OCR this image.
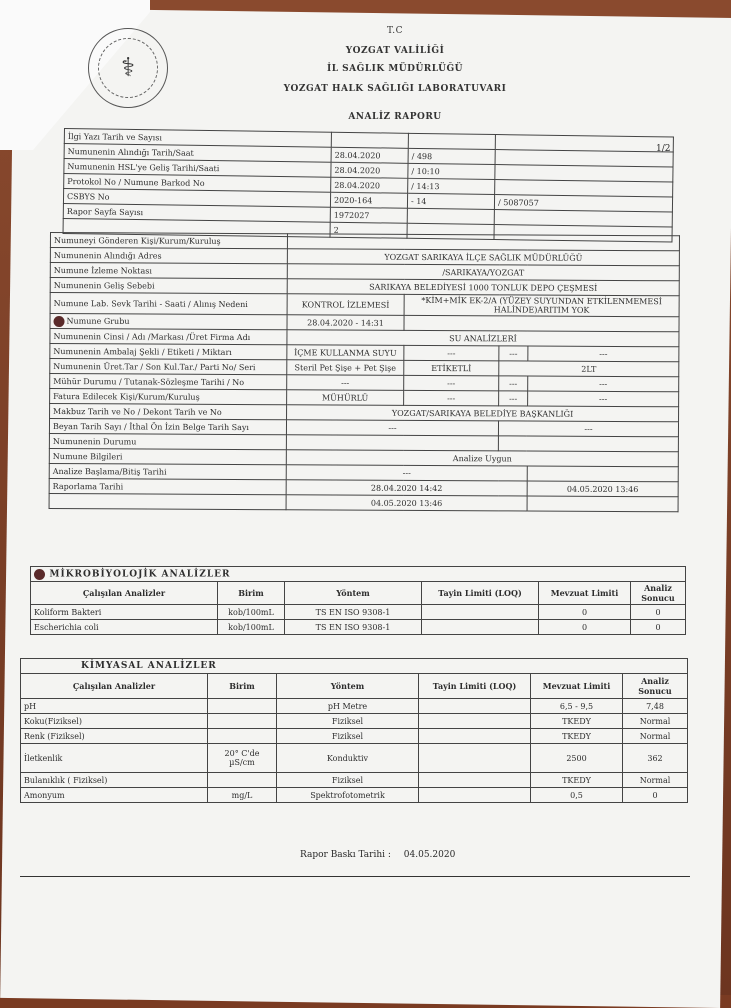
⚕
T.C
YOZGAT VALİLİĞİ
İL SAĞLIK MÜDÜRLÜĞÜ
YOZGAT HALK SAĞLIĞI LABORATUVARI
ANALİZ RAPORU
1/2
İlgi Yazı Tarih ve Sayısı			
Numunenin Alındığı Tarih/Saat	28.04.2020	/ 498	
Numunenin HSL'ye Geliş Tarihi/Saati	28.04.2020	/ 10:10	
Protokol No / Numune Barkod No	28.04.2020	/ 14:13	
CSBYS No	2020-164	- 14	/ 5087057
Rapor Sayfa Sayısı	1972027		
	2		
Numuneyi Gönderen Kişi/Kurum/Kuruluş				
Numunenin Alındığı Adres	YOZGAT SARIKAYA İLÇE SAĞLIK MÜDÜRLÜĞÜ			
Numune İzleme Noktası	/SARIKAYA/YOZGAT			
Numunenin Geliş Sebebi	SARIKAYA BELEDİYESİ 1000 TONLUK DEPO ÇEŞMESİ			
Numune Lab. Sevk Tarihi - Saati / Alınış Nedeni	KONTROL İZLEMESİ	*KİM+MİK EK-2/A (YÜZEY SUYUNDAN ETKİLENMEMESİ HALİNDE)ARITIM YOK		
Numune Grubu	28.04.2020 - 14:31			
Numunenin Cinsi / Adı /Markası /Üret Firma Adı	SU ANALİZLERİ			
Numunenin Ambalaj Şekli / Etiketi / Miktarı	İÇME KULLANMA SUYU	---	---	---
Numunenin Üret.Tar / Son Kul.Tar./ Parti No/ Seri	Steril Pet Şişe + Pet Şişe	ETİKETLİ	2LT	
Mühür Durumu / Tutanak-Sözleşme Tarihi / No	---	---	---	---
Fatura Edilecek Kişi/Kurum/Kuruluş	MÜHÜRLÜ	---	---	---
Makbuz Tarih ve No / Dekont Tarih ve No	YOZGAT/SARIKAYA BELEDİYE BAŞKANLIĞI			
Beyan Tarih Sayı / İthal Ön İzin Belge Tarih Sayı	---		---	
Numunenin Durumu				
Numune Bilgileri	Analize Uygun			
Analize Başlama/Bitiş Tarihi	---			
Raporlama Tarihi	28.04.2020 14:42			04.05.2020 13:46
	04.05.2020 13:46			
MİKROBİYOLOJİK ANALİZLER					
Çalışılan Analizler	Birim	Yöntem	Tayin Limiti (LOQ)	Mevzuat Limiti	Analiz Sonucu
Koliform Bakteri	kob/100mL	TS EN ISO 9308-1		0	0
Escherichia coli	kob/100mL	TS EN ISO 9308-1		0	0
KİMYASAL ANALİZLER					
Çalışılan Analizler	Birim	Yöntem	Tayin Limiti (LOQ)	Mevzuat Limiti	Analiz Sonucu
pH		pH Metre		6,5 - 9,5	7,48
Koku(Fiziksel)		Fiziksel		TKEDY	Normal
Renk (Fiziksel)		Fiziksel		TKEDY	Normal
İletkenlik	20° C'de µS/cm	Konduktiv		2500	362
Bulanıklık ( Fiziksel)		Fiziksel		TKEDY	Normal
Amonyum	mg/L	Spektrofotometrik		0,5	0
Rapor Baskı Tarihi : 04.05.2020
